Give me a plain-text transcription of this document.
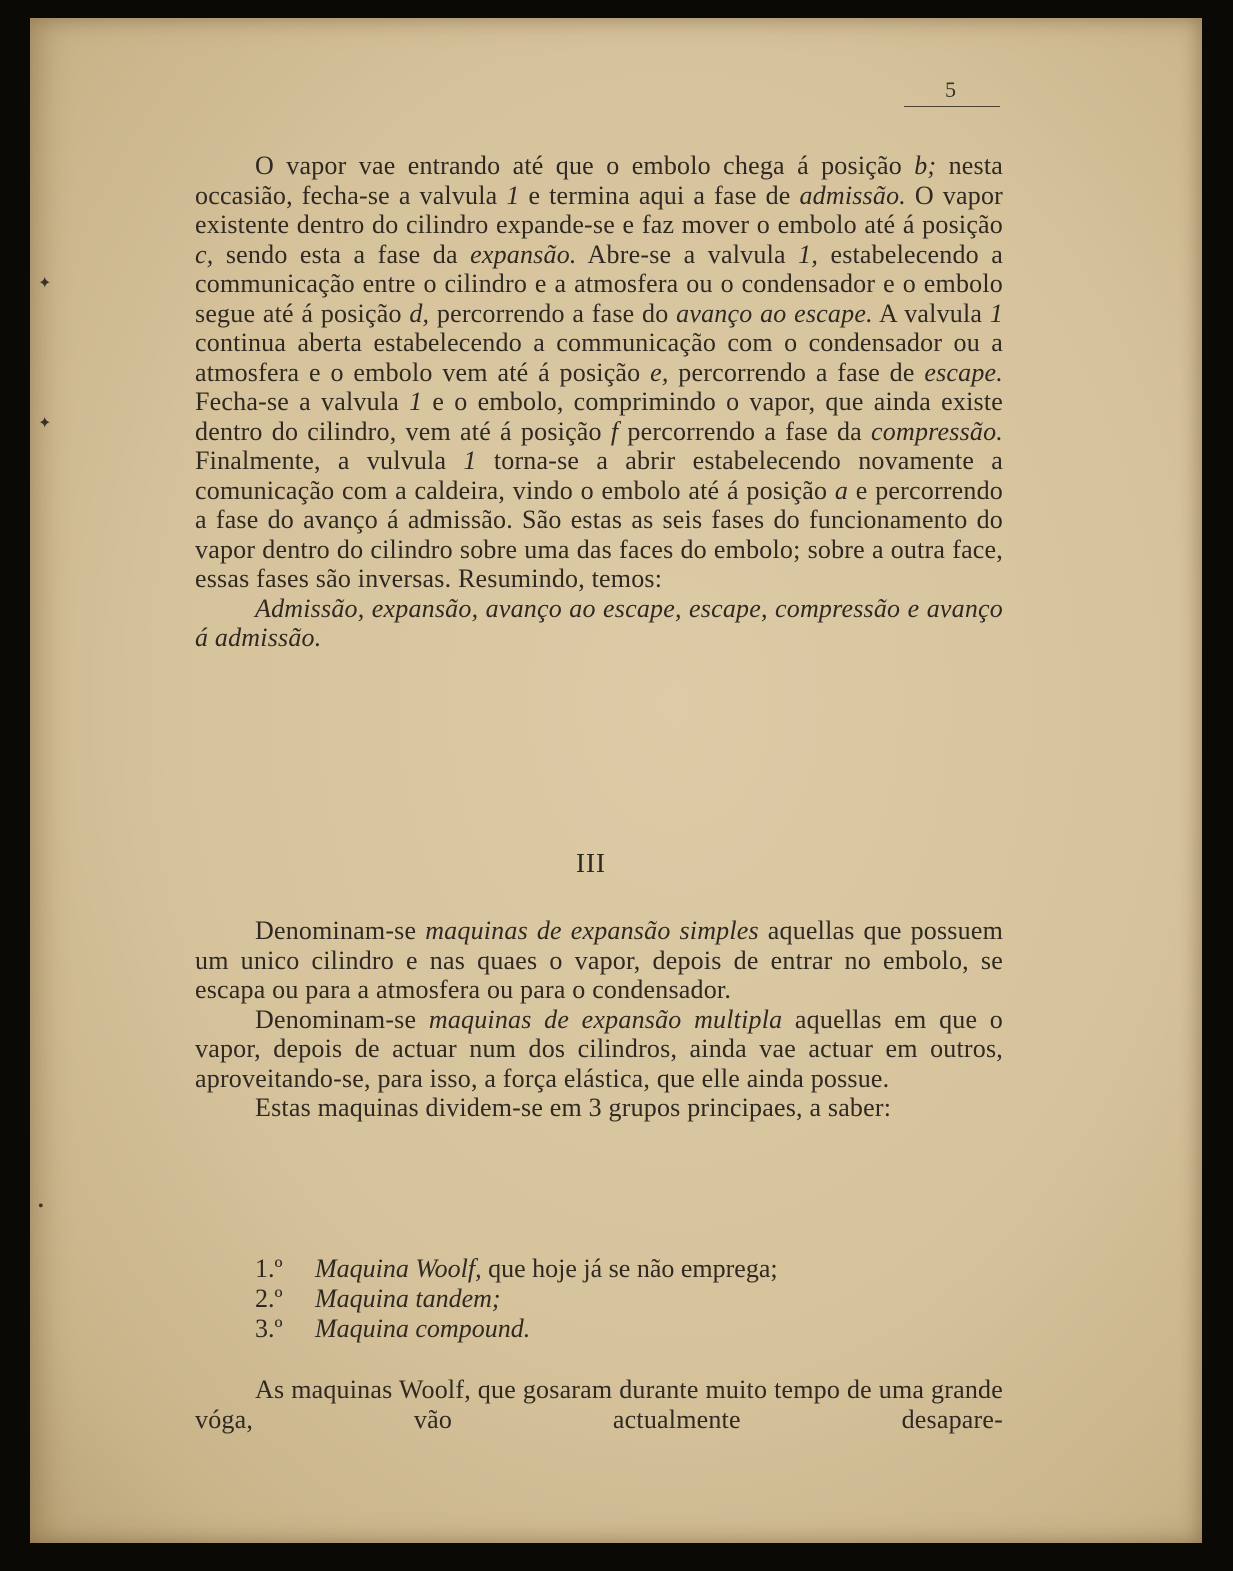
✦
✦
•
5

O vapor vae entrando até que o embolo chega á posição b; nesta occasião, fecha-se a valvula 1 e termina aqui a fase de admissão. O vapor existente dentro do cilindro expande-se e faz mover o embolo até á posição c, sendo esta a fase da expansão. Abre-se a valvula 1, estabelecendo a communicação entre o cilindro e a atmosfera ou o condensador e o embolo segue até á posição d, percorrendo a fase do avanço ao escape. A valvula 1 continua aberta estabelecendo a communicação com o condensador ou a atmosfera e o embolo vem até á posição e, percorrendo a fase de escape. Fecha-se a valvula 1 e o embolo, comprimindo o vapor, que ainda existe dentro do cilindro, vem até á posição f percorrendo a fase da compressão. Finalmente, a vulvula 1 torna-se a abrir estabelecendo novamente a comunicação com a caldeira, vindo o embolo até á posição a e percorrendo a fase do avanço á admissão. São estas as seis fases do funcionamento do vapor dentro do cilindro sobre uma das faces do embolo; sobre a outra face, essas fases são inversas. Resumindo, temos:

Admissão, expansão, avanço ao escape, escape, compressão e avanço á admissão.

III

Denominam-se maquinas de expansão simples aquellas que possuem um unico cilindro e nas quaes o vapor, depois de entrar no embolo, se escapa ou para a atmosfera ou para o condensador.

Denominam-se maquinas de expansão multipla aquellas em que o vapor, depois de actuar num dos cilindros, ainda vae actuar em outros, aproveitando-se, para isso, a força elástica, que elle ainda possue.

Estas maquinas dividem-se em 3 grupos principaes, a saber:

1.º Maquina Woolf, que hoje já se não emprega;
2.º Maquina tandem;
3.º Maquina compound.

As maquinas Woolf, que gosaram durante muito tempo de uma grande vóga, vão actualmente desapare-
